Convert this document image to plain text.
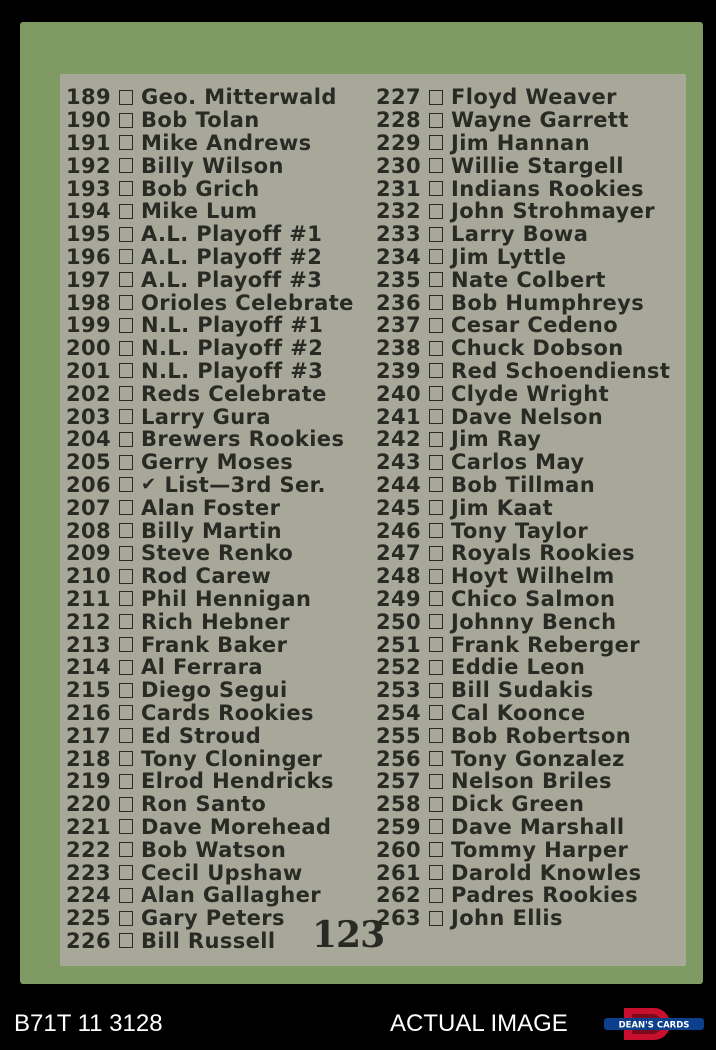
189 Geo. Mitterwald
190 Bob Tolan
191 Mike Andrews
192 Billy Wilson
193 Bob Grich
194 Mike Lum
195 A.L. Playoff #1
196 A.L. Playoff #2
197 A.L. Playoff #3
198 Orioles Celebrate
199 N.L. Playoff #1
200 N.L. Playoff #2
201 N.L. Playoff #3
202 Reds Celebrate
203 Larry Gura
204 Brewers Rookies
205 Gerry Moses
206 ✔ List—3rd Ser.
207 Alan Foster
208 Billy Martin
209 Steve Renko
210 Rod Carew
211 Phil Hennigan
212 Rich Hebner
213 Frank Baker
214 Al Ferrara
215 Diego Segui
216 Cards Rookies
217 Ed Stroud
218 Tony Cloninger
219 Elrod Hendricks
220 Ron Santo
221 Dave Morehead
222 Bob Watson
223 Cecil Upshaw
224 Alan Gallagher
225 Gary Peters
226 Bill Russell
227 Floyd Weaver
228 Wayne Garrett
229 Jim Hannan
230 Willie Stargell
231 Indians Rookies
232 John Strohmayer
233 Larry Bowa
234 Jim Lyttle
235 Nate Colbert
236 Bob Humphreys
237 Cesar Cedeno
238 Chuck Dobson
239 Red Schoendienst
240 Clyde Wright
241 Dave Nelson
242 Jim Ray
243 Carlos May
244 Bob Tillman
245 Jim Kaat
246 Tony Taylor
247 Royals Rookies
248 Hoyt Wilhelm
249 Chico Salmon
250 Johnny Bench
251 Frank Reberger
252 Eddie Leon
253 Bill Sudakis
254 Cal Koonce
255 Bob Robertson
256 Tony Gonzalez
257 Nelson Briles
258 Dick Green
259 Dave Marshall
260 Tommy Harper
261 Darold Knowles
262 Padres Rookies
263 John Ellis
123
B71T 11 3128	ACTUAL IMAGE	DEAN'S CARDS
